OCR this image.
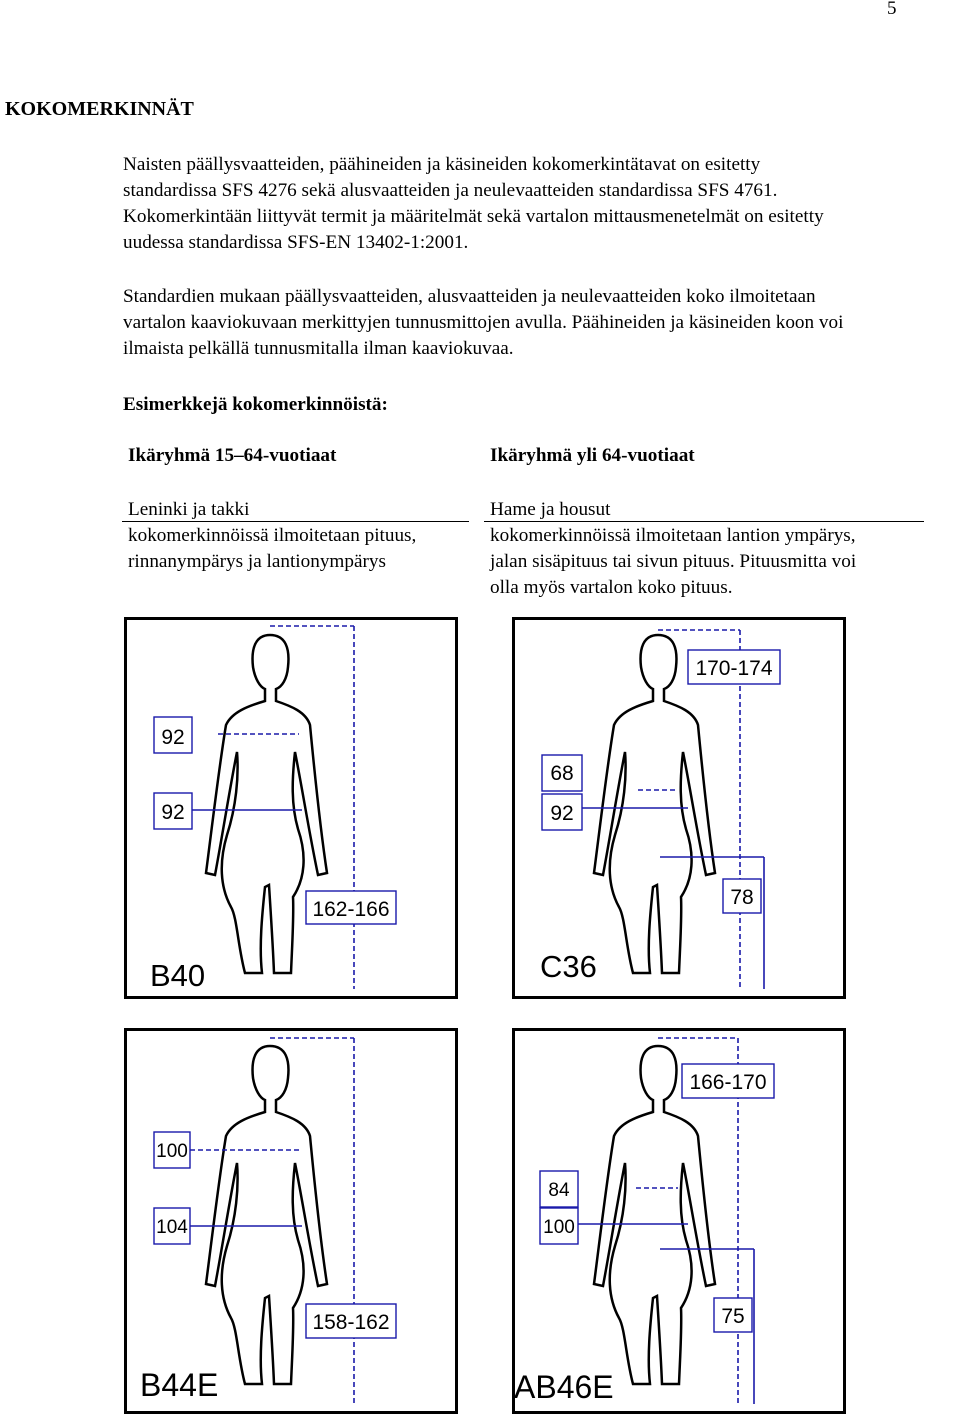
5
KOKOMERKINNÄT
Naisten päällysvaatteiden, päähineiden ja käsineiden kokomerkintätavat on esitetty
standardissa SFS 4276 sekä alusvaatteiden ja neulevaatteiden standardissa SFS 4761.
Kokomerkintään liittyvät termit ja määritelmät sekä vartalon mittausmenetelmät on esitetty
uudessa standardissa SFS-EN 13402-1:2001.
Standardien mukaan päällysvaatteiden, alusvaatteiden ja neulevaatteiden koko ilmoitetaan
vartalon kaaviokuvaan merkittyjen tunnusmittojen avulla. Päähineiden ja käsineiden koon voi
ilmaista pelkällä tunnusmitalla ilman kaaviokuvaa.
Esimerkkejä kokomerkinnöistä:
Ikäryhmä 15–64-vuotiaat	Ikäryhmä yli 64-vuotiaat
Leninki ja takki
kokomerkinnöissä ilmoitetaan pituus,
rinnanympärys ja lantionympärys
Hame ja housut
kokomerkinnöissä ilmoitetaan lantion ympärys,
jalan sisäpituus tai sivun pituus. Pituusmitta voi
olla myös vartalon koko pituus.
92
92
162-166
B40
68
92
170-174
78
C36
100
104
158-162
B44E
84
100
166-170
75
AB46E
